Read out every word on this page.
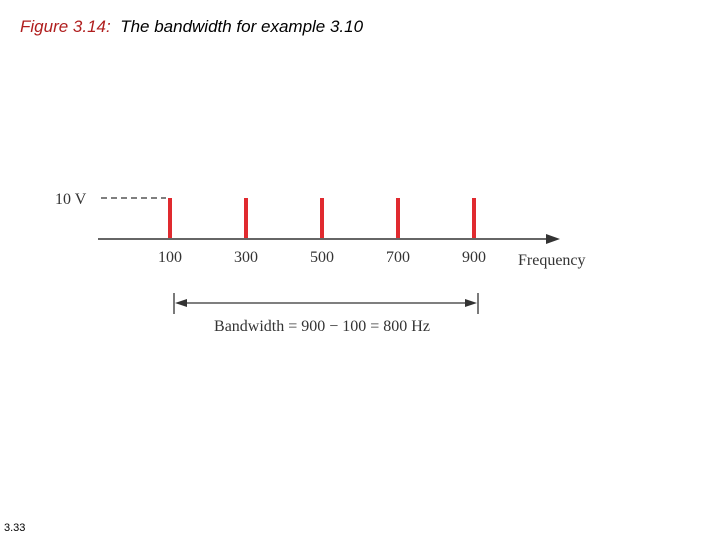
Figure 3.14: The bandwidth for example 3.10
10 V
Frequency
100	300	500	700	900
Bandwidth = 900 − 100 = 800 Hz
3.33
